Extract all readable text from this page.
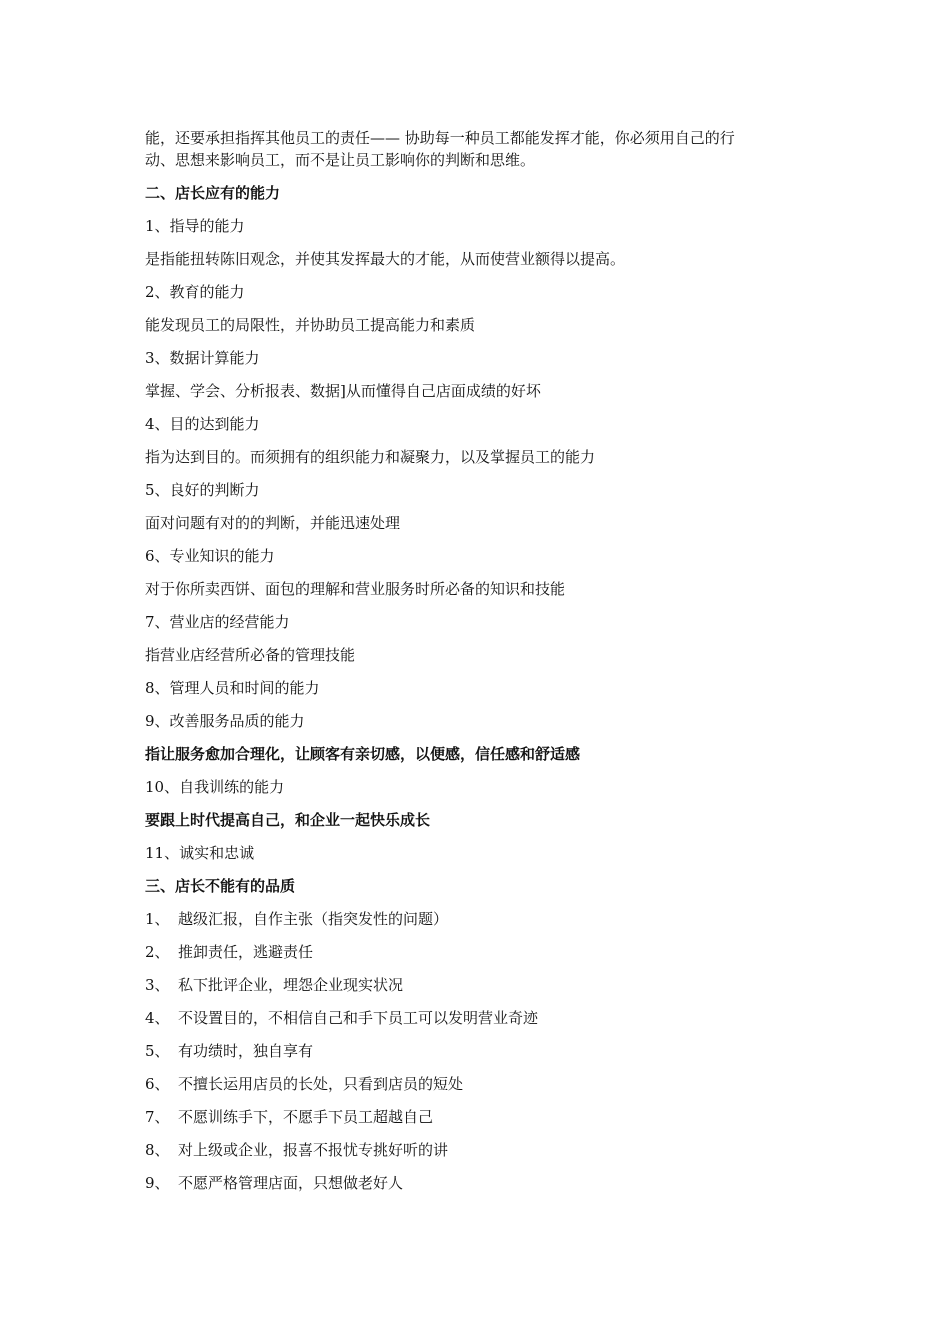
能，还要承担指挥其他员工的责任—— 协助每一种员工都能发挥才能，你必须用自己的行
动、思想来影响员工，而不是让员工影响你的判断和思维。
二、店长应有的能力
1、指导的能力
是指能扭转陈旧观念，并使其发挥最大的才能，从而使营业额得以提高。
2、教育的能力
能发现员工的局限性，并协助员工提高能力和素质
3、数据计算能力
掌握、学会、分析报表、数据]从而懂得自己店面成绩的好坏
4、目的达到能力
指为达到目的。而须拥有的组织能力和凝聚力，以及掌握员工的能力
5、良好的判断力
面对问题有对的的判断，并能迅速处理
6、专业知识的能力
对于你所卖西饼、面包的理解和营业服务时所必备的知识和技能
7、营业店的经营能力
指营业店经营所必备的管理技能
8、管理人员和时间的能力
9、改善服务品质的能力
指让服务愈加合理化，让顾客有亲切感，以便感，信任感和舒适感
10、自我训练的能力
要跟上时代提高自己，和企业一起快乐成长
11、诚实和忠诚
三、店长不能有的品质
1、 越级汇报，自作主张（指突发性的问题）
2、 推卸责任，逃避责任
3、 私下批评企业，埋怨企业现实状况
4、 不设置目的，不相信自己和手下员工可以发明营业奇迹
5、 有功绩时，独自享有
6、 不擅长运用店员的长处，只看到店员的短处
7、 不愿训练手下，不愿手下员工超越自己
8、 对上级或企业，报喜不报忧专挑好听的讲
9、 不愿严格管理店面，只想做老好人
